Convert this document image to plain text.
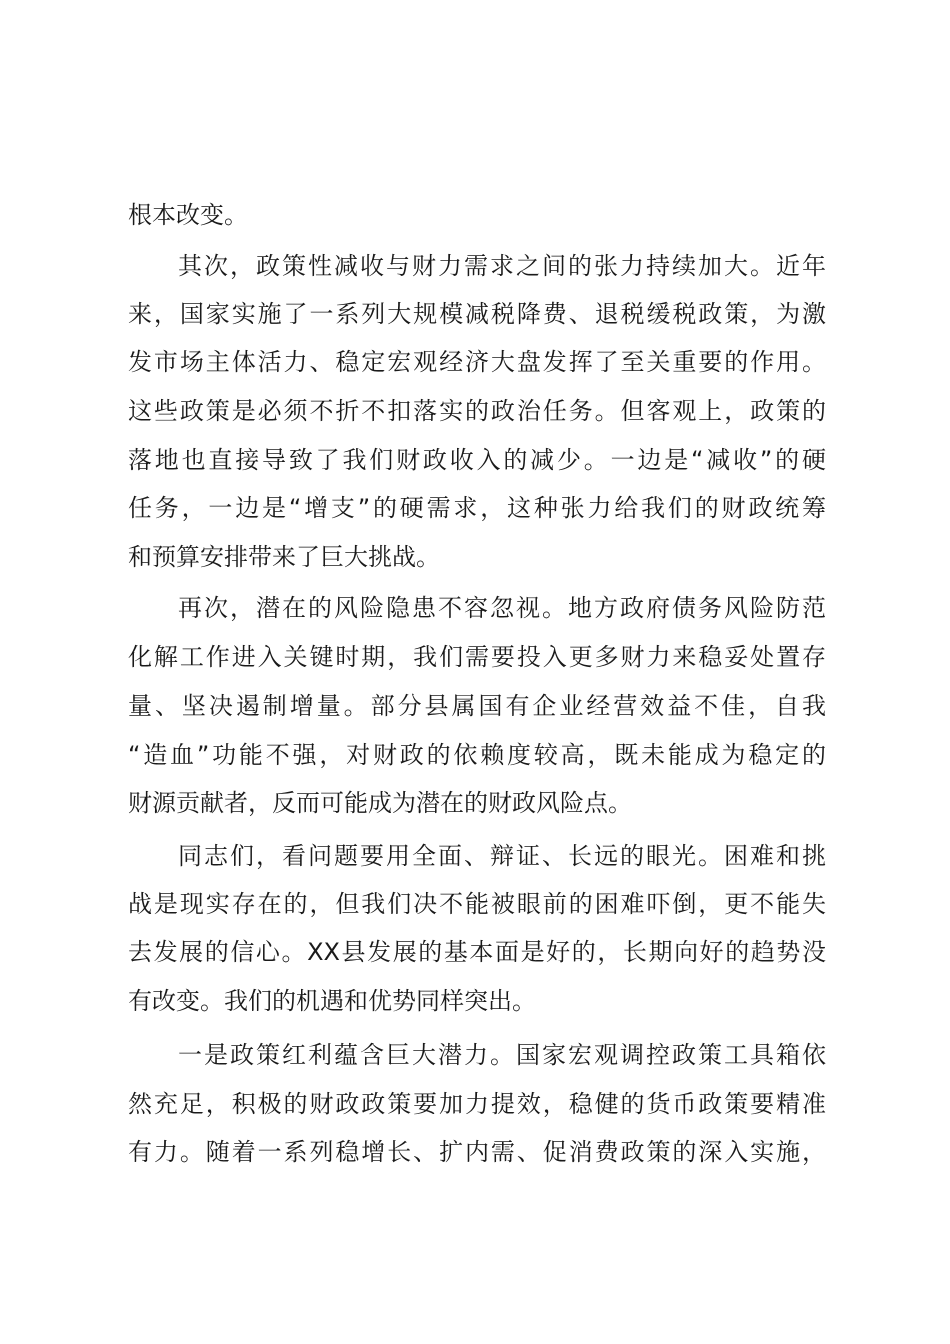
根本改变。
其次，政策性减收与财力需求之间的张力持续加大。近年
来，国家实施了一系列大规模减税降费、退税缓税政策，为激
发市场主体活力、稳定宏观经济大盘发挥了至关重要的作用。
这些政策是必须不折不扣落实的政治任务。但客观上，政策的
落地也直接导致了我们财政收入的减少。一边是“减收”的硬
任务，一边是“增支”的硬需求，这种张力给我们的财政统筹
和预算安排带来了巨大挑战。
再次，潜在的风险隐患不容忽视。地方政府债务风险防范
化解工作进入关键时期，我们需要投入更多财力来稳妥处置存
量、坚决遏制增量。部分县属国有企业经营效益不佳，自我
“造血”功能不强，对财政的依赖度较高，既未能成为稳定的
财源贡献者，反而可能成为潜在的财政风险点。
同志们，看问题要用全面、辩证、长远的眼光。困难和挑
战是现实存在的，但我们决不能被眼前的困难吓倒，更不能失
去发展的信心。XX县发展的基本面是好的，长期向好的趋势没
有改变。我们的机遇和优势同样突出。
一是政策红利蕴含巨大潜力。国家宏观调控政策工具箱依
然充足，积极的财政政策要加力提效，稳健的货币政策要精准
有力。随着一系列稳增长、扩内需、促消费政策的深入实施，
